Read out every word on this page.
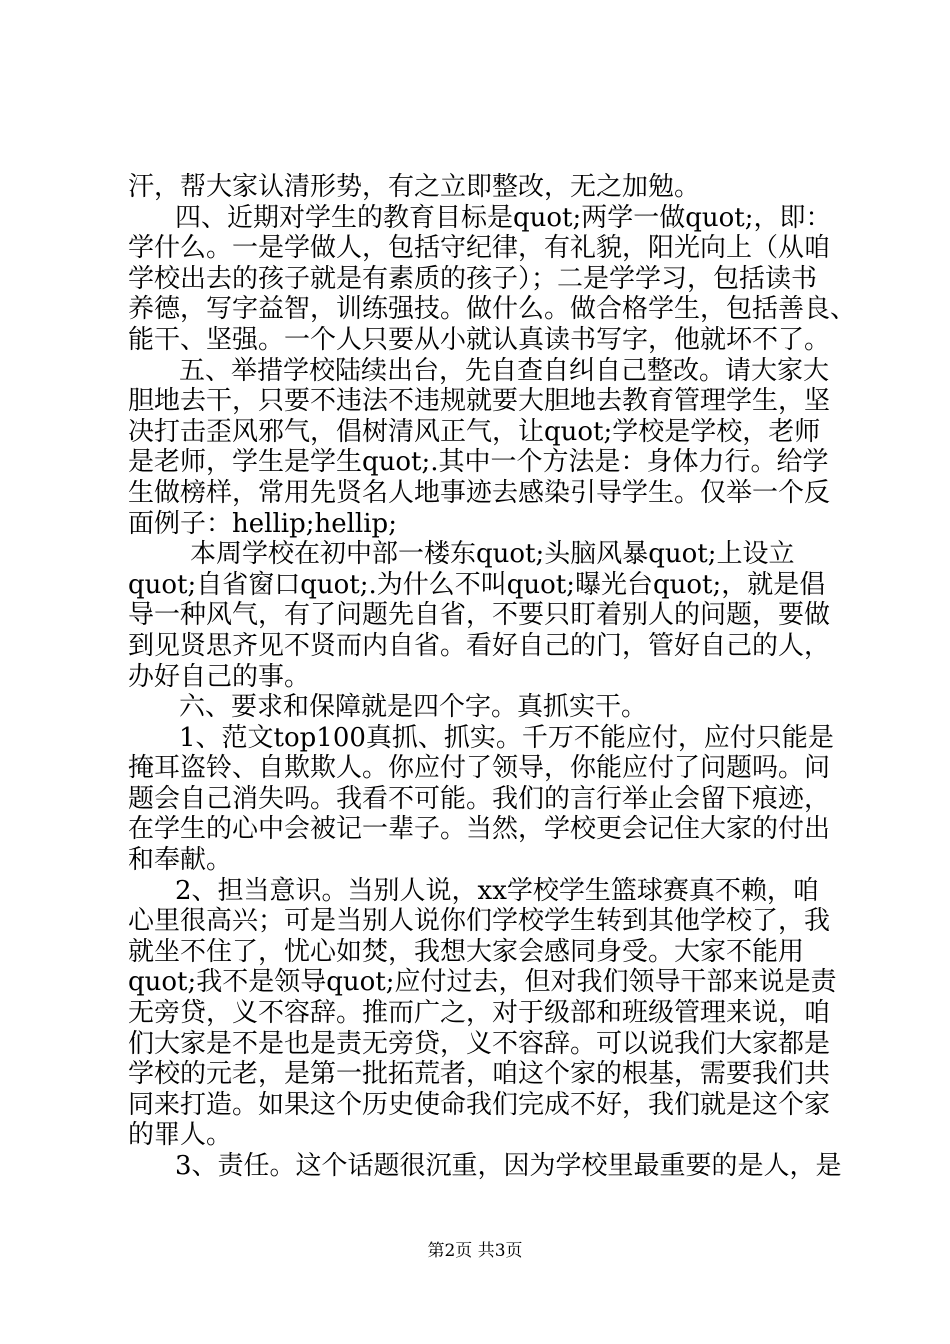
汗，帮大家认清形势，有之立即整改，无之加勉。
四、近期对学生的教育目标是quot;两学一做quot;，即：
学什么。一是学做人，包括守纪律，有礼貌，阳光向上（从咱
学校出去的孩子就是有素质的孩子）；二是学学习，包括读书
养德，写字益智，训练强技。做什么。做合格学生，包括善良、
能干、坚强。一个人只要从小就认真读书写字，他就坏不了。
五、举措学校陆续出台，先自查自纠自己整改。请大家大
胆地去干，只要不违法不违规就要大胆地去教育管理学生，坚
决打击歪风邪气，倡树清风正气，让quot;学校是学校，老师
是老师，学生是学生quot;.其中一个方法是：身体力行。给学
生做榜样，常用先贤名人地事迹去感染引导学生。仅举一个反
面例子：hellip;hellip;
本周学校在初中部一楼东quot;头脑风暴quot;上设立
quot;自省窗口quot;.为什么不叫quot;曝光台quot;，就是倡
导一种风气，有了问题先自省，不要只盯着别人的问题，要做
到见贤思齐见不贤而内自省。看好自己的门，管好自己的人，
办好自己的事。
六、要求和保障就是四个字。真抓实干。
1、范文top100真抓、抓实。千万不能应付，应付只能是
掩耳盗铃、自欺欺人。你应付了领导，你能应付了问题吗。问
题会自己消失吗。我看不可能。我们的言行举止会留下痕迹，
在学生的心中会被记一辈子。当然，学校更会记住大家的付出
和奉献。
2、担当意识。当别人说，xx学校学生篮球赛真不赖，咱
心里很高兴；可是当别人说你们学校学生转到其他学校了，我
就坐不住了，忧心如焚，我想大家会感同身受。大家不能用
quot;我不是领导quot;应付过去，但对我们领导干部来说是责
无旁贷，义不容辞。推而广之，对于级部和班级管理来说，咱
们大家是不是也是责无旁贷，义不容辞。可以说我们大家都是
学校的元老，是第一批拓荒者，咱这个家的根基，需要我们共
同来打造。如果这个历史使命我们完成不好，我们就是这个家
的罪人。
3、责任。这个话题很沉重，因为学校里最重要的是人，是
第2页 共3页
